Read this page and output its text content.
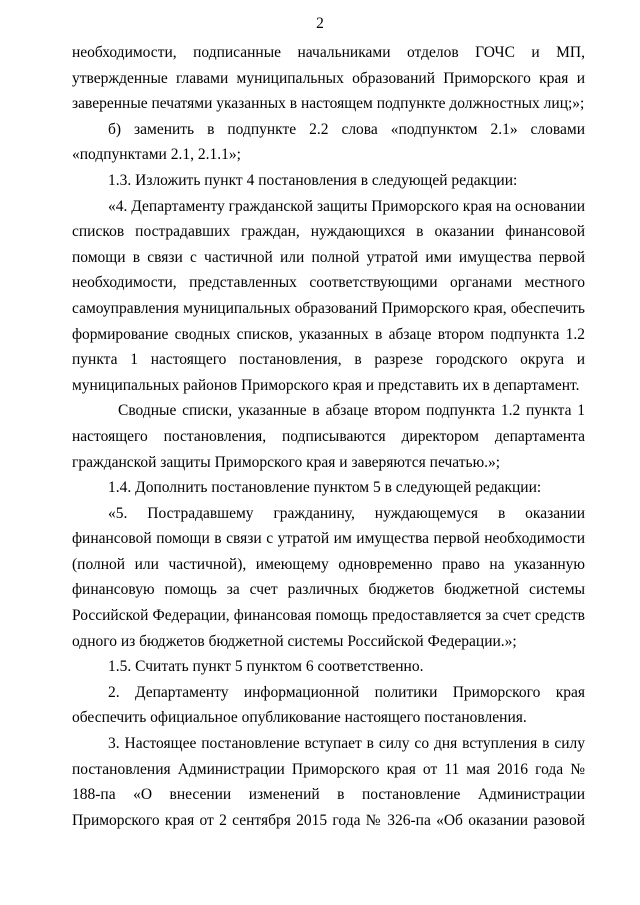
2

необходимости, подписанные начальниками отделов ГОЧС и МП, утвержденные главами муниципальных образований Приморского края и заверенные печатями указанных в настоящем подпункте должностных лиц;»;

б) заменить в подпункте 2.2 слова «подпунктом 2.1» словами «подпунктами 2.1, 2.1.1»;

1.3. Изложить пункт 4 постановления в следующей редакции:

«4. Департаменту гражданской защиты Приморского края на основании списков пострадавших граждан, нуждающихся в оказании финансовой помощи в связи с частичной или полной утратой ими имущества первой необходимости, представленных соответствующими органами местного самоуправления муниципальных образований Приморского края, обеспечить формирование сводных списков, указанных в абзаце втором подпункта 1.2 пункта 1 настоящего постановления, в разрезе городского округа и муниципальных районов Приморского края и представить их в департамент.

Сводные списки, указанные в абзаце втором подпункта 1.2 пункта 1 настоящего постановления, подписываются директором департамента гражданской защиты Приморского края и заверяются печатью.»;

1.4. Дополнить постановление пунктом 5 в следующей редакции:

«5. Пострадавшему гражданину, нуждающемуся в оказании финансовой помощи в связи с утратой им имущества первой необходимости (полной или частичной), имеющему одновременно право на указанную финансовую помощь за счет различных бюджетов бюджетной системы Российской Федерации, финансовая помощь предоставляется за счет средств одного из бюджетов бюджетной системы Российской Федерации.»;

1.5. Считать пункт 5 пунктом 6 соответственно.

2. Департаменту информационной политики Приморского края обеспечить официальное опубликование настоящего постановления.

3. Настоящее постановление вступает в силу со дня вступления в силу постановления Администрации Приморского края от 11 мая 2016 года № 188-па «О внесении изменений в постановление Администрации Приморского края от 2 сентября 2015 года № 326-па «Об оказании разовой
